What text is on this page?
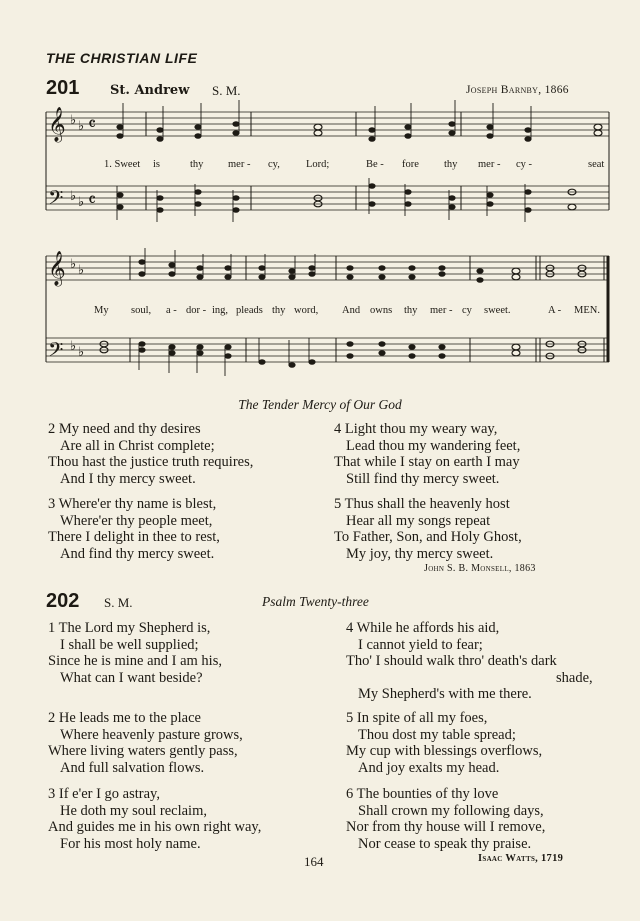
THE CHRISTIAN LIFE
201 St. Andrew S. M.	Joseph Barnby, 1866
𝄞
𝄢
𝄞
𝄢
♭ ♭
♭ ♭
♭ ♭
♭ ♭
𝄴
𝄴
1. Sweet is	thy mer - cy, Lord;	Be - fore thy mer - cy -	seat
My soul, a - dor - ing, pleads thy word, And owns thy mer - cy sweet.	A - MEN.
The Tender Mercy of Our God
2 My need and thy desires
Are all in Christ complete;
Thou hast the justice truth requires,
And I thy mercy sweet.
3 Where'er thy name is blest,
Where'er thy people meet,
There I delight in thee to rest,
And find thy mercy sweet.
4 Light thou my weary way,
Lead thou my wandering feet,
That while I stay on earth I may
Still find thy mercy sweet.
5 Thus shall the heavenly host
Hear all my songs repeat
To Father, Son, and Holy Ghost,
My joy, thy mercy sweet.
John S. B. Monsell, 1863
202 S. M.	Psalm Twenty-three
1 The Lord my Shepherd is,
I shall be well supplied;
Since he is mine and I am his,
What can I want beside?
2 He leads me to the place
Where heavenly pasture grows,
Where living waters gently pass,
And full salvation flows.
3 If e'er I go astray,
He doth my soul reclaim,
And guides me in his own right way,
For his most holy name.
4 While he affords his aid,
I cannot yield to fear;
Tho' I should walk thro' death's dark
shade,
My Shepherd's with me there.
5 In spite of all my foes,
Thou dost my table spread;
My cup with blessings overflows,
And joy exalts my head.
6 The bounties of thy love
Shall crown my following days,
Nor from thy house will I remove,
Nor cease to speak thy praise.
164	Isaac Watts, 1719
